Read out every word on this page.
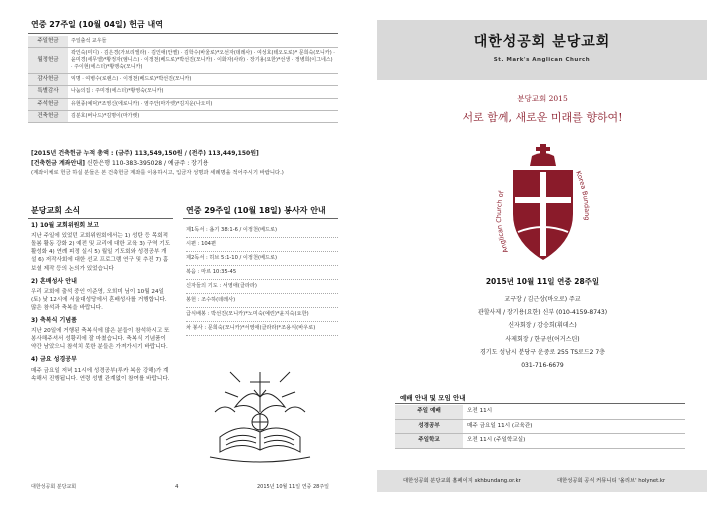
연중 27주일 (10월 04일) 헌금 내역
주일헌금	주일출석 교우들
월정헌금	곽인숙(미디) · 김은경(가브리엘라) · 김인애(안젤) · 김학수(바울로)*오선자(데레사) · 여성호(테오도로)* 문희숙(모니카) · 윤미경(세무엘)*황정자(엠니스) · 이정천(베드로)*박선진(모니카) · 이화자(사라) · 장기용(요한)*선생 · 정병희(이그네스) · 주이현(에스더)*황맹숙(모니카)
감사헌금	익명 · 여병수(로렌스) · 이정천(베드로)*박선진(모니카)
특별감사	나눔의집 : 주미정(에스더)*황영숙(모니카)
주석헌금	유현종(예덕)*조영신(에로니카) · 염주안(마가렛)*김지운(나오미)
건축헌금	김분호(버나드)*김명이(마가렛)
[2015년 건축헌금 누적 총액 : (금주) 113,549,150원 / (전주) 113,449,150원]
[건축헌금 계좌안내] 신한은행 110-383-395028 / 예금주 : 장기용
(계좌이체로 헌금 하실 분들은 본 건축헌금 계좌를 이용하시고, 입금자 성명과 세례명을 적어주시기 바랍니다.)
분당교회 소식
1) 10월 교회위원회 보고
지난 주일에 있었던 교회위원회에서는 1) 성탄 등 목회적 돌봄 활동 강화 2) 예전 및 교리에 대한 교육 3) 구역 기도 활성화 4) 연례 피정 실시 5) 월일 기도회와 성경공부 개설 6) 저작사회에 대한 선교 프로그램 연구 및 추진 7) 홈보셜 제작 등의 논의가 있었습니다
2) 혼배성사 안내
우리 교회에 출석 중인 이준영, 오희미 님이 10월 24일(토) 낮 12시에 서울대성당에서 혼배성사를 거행합니다. 많은 참석과 축복을 바랍니다.
3) 축복식 기념품
지난 20일에 거행된 축복식에 많은 분들이 참석하시고 또 봉사해주셔서 성황리에 잘 마쳤습니다. 축복식 기념품이 약간 남았으니 참석치 못한 분들은 가져가시기 바랍니다.
4) 금요 성경공부
매주 금요일 저녁 11시에 성경공부(루카 복음 강해)가 계속해서 진행됩니다. 연령 성별 관계없이 참여를 바랍니다.
연중 29주일 (10월 18일) 봉사자 안내
제1독서 : 욥기 38:1-6 / 이정천(베드로)
시편 : 104편
제2독서 : 히브 5:1-10 / 이정천(베드로)
복음 : 마르 10:35-45
신자들의 기도 : 서영애(클라라)
봉헌 : 조수하(데레사)
급식배봉 : 박선진(모니카)*노미숙(예린)*윤지숙(요한)
차 봉사 : 문희숙(모니카)*서영애(클라라)*조용식(바우로)
대한성공회 분당교회	4	2015년 10월 11일 연중 28주일
대한성공회 분당교회
St. Mark's Anglican Church
분당교회 2015
서로 함께, 새로운 미래를 향하여!
Anglican Church of
Korea Bundang
2015년 10월 11일 연중 28주일
교구장 / 김근상(바오로) 주교
관할사제 / 장기용(요한) 신부 (010-4159-8743)
신자회장 / 강승희(휘데스)
사제회장 / 한규선(어거스틴)
경기도 성남시 분당구 운중로 255 TS로드2 7층
031-716-6679
예배 안내 및 모임 안내
주일 예배	오전 11시
성경공부	매주 금요일 11시 (교육관)
주일학교	오전 11시 (주일학교실)
대한성공회 분당교회 홈페이지 skhbundang.or.kr	대한성공회 공식 커뮤니티 '올리브' holynet.kr
